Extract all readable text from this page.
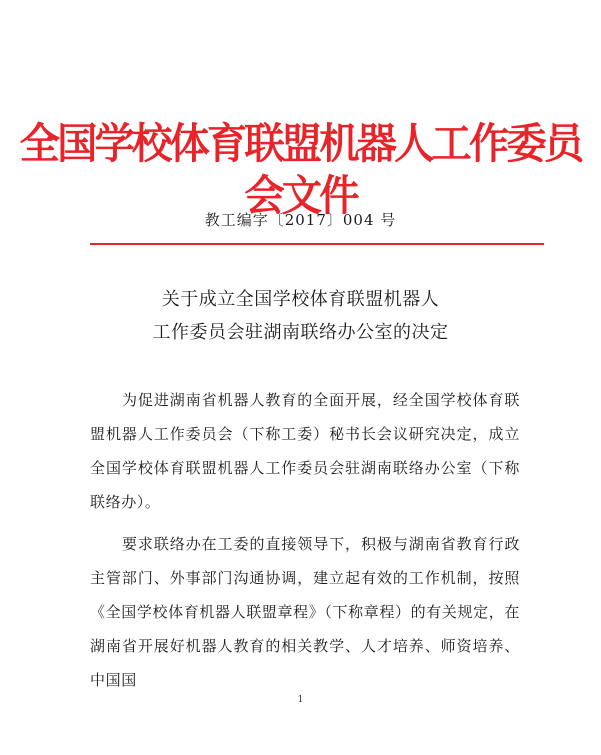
全国学校体育联盟机器人工作委员会文件
教工编字〔2017〕004 号
关于成立全国学校体育联盟机器人
工作委员会驻湖南联络办公室的决定
为促进湖南省机器人教育的全面开展，经全国学校体育联盟机器人工作委员会（下称工委）秘书长会议研究决定，成立全国学校体育联盟机器人工作委员会驻湖南联络办公室（下称联络办）。
要求联络办在工委的直接领导下，积极与湖南省教育行政主管部门、外事部门沟通协调，建立起有效的工作机制，按照《全国学校体育机器人联盟章程》（下称章程）的有关规定，在湖南省开展好机器人教育的相关教学、人才培养、师资培养、中国国
1
